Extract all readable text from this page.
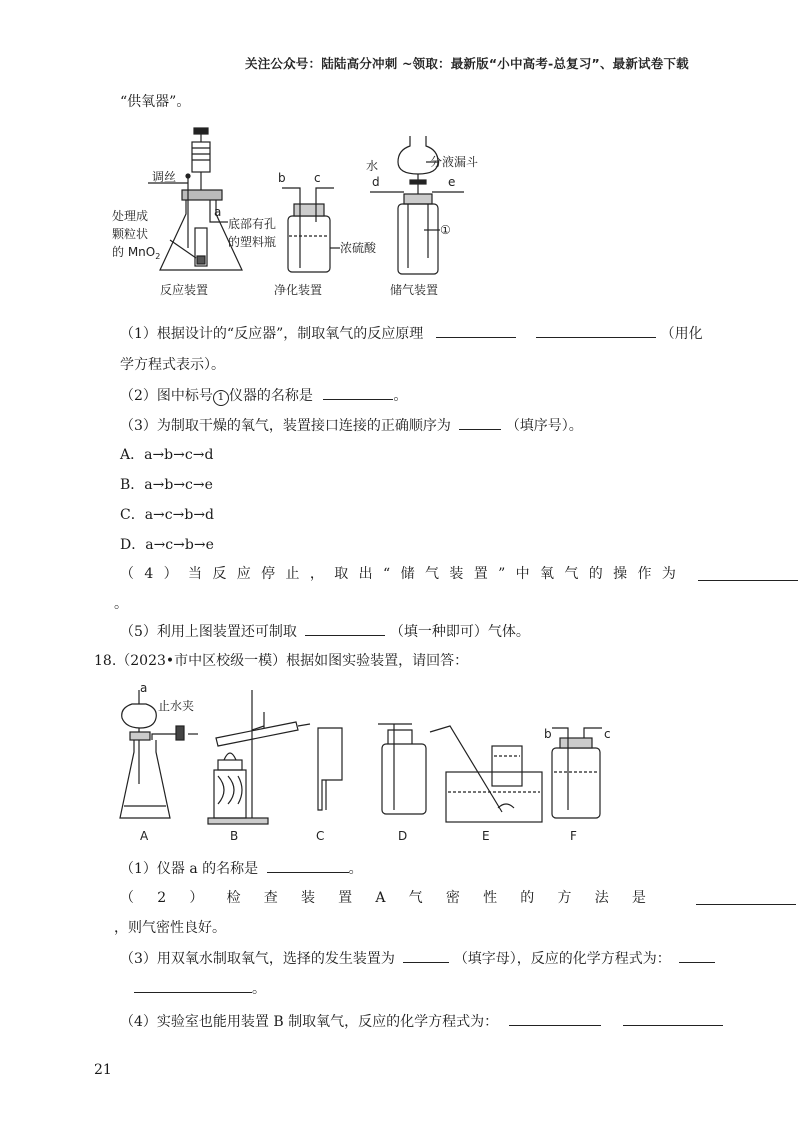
关注公众号：陆陆高分冲刺 ~领取：最新版“小中高考-总复习”、最新试卷下载
“供氧器”。
调丝
处理成
颗粒状
的 MnO$_2$
a
底部有孔
的塑料瓶
b c
浓硫酸
水	分液漏斗
d	e
①
反应装置	净化装置	储气装置
（1）根据设计的“反应器”，制取氧气的反应原理	（用化
学方程式表示）。
（2）图中标号 1 仪器的名称是	。
（3）为制取干燥的氧气，装置接口连接的正确顺序为	（填序号）。
A．a→b→c→d
B．a→b→c→e
C．a→c→b→d
D．a→c→b→e
（ 4 ） 当 反 应 停 止 ， 取 出 “ 储 气 装 置 ” 中 氧 气 的 操 作 为
。
（5）利用上图装置还可制取	（填一种即可）气体。
18.（2023•市中区校级一模）根据如图实验装置，请回答：
a
止水夹
b	c
A	B	C	D	E	F
（1）仪器 a 的名称是	。
（ 2 ） 检 查 装 置 A 气 密 性 的 方 法 是
，则气密性良好。
（3）用双氧水制取氧气，选择的发生装置为	（填字母），反应的化学方程式为：
。
（4）实验室也能用装置 B 制取氧气，反应的化学方程式为：
21
